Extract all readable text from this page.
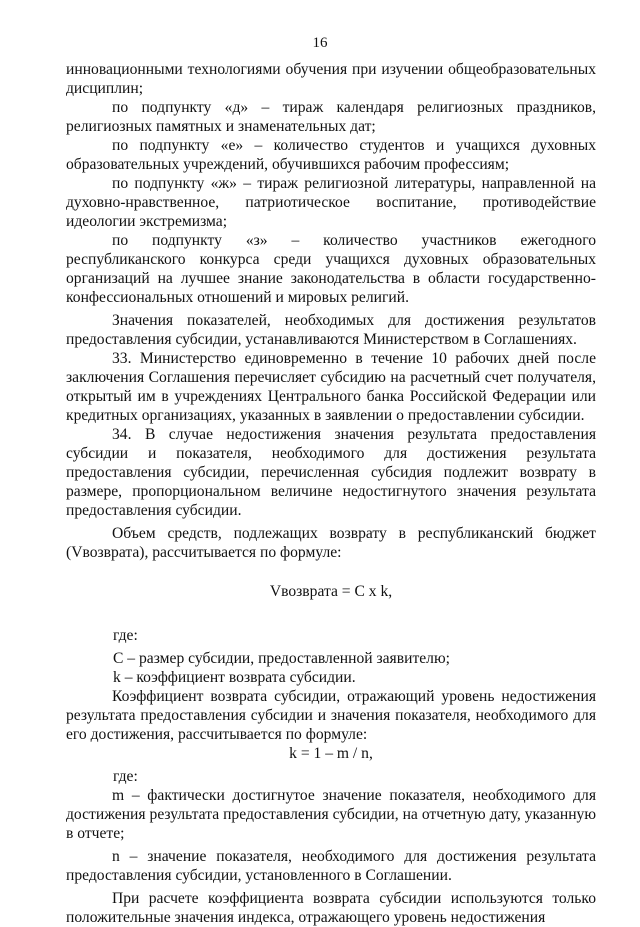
16

инновационными технологиями обучения при изучении общеобразовательных дисциплин;

по подпункту «д» – тираж календаря религиозных праздников, религиозных памятных и знаменательных дат;

по подпункту «е» – количество студентов и учащихся духовных образовательных учреждений, обучившихся рабочим профессиям;

по подпункту «ж» – тираж религиозной литературы, направленной на духовно-нравственное, патриотическое воспитание, противодействие идеологии экстремизма;

по подпункту «з» – количество участников ежегодного республиканского конкурса среди учащихся духовных образовательных организаций на лучшее знание законодательства в области государственно-конфессиональных отношений и мировых религий.

Значения показателей, необходимых для достижения результатов предоставления субсидии, устанавливаются Министерством в Соглашениях.

33. Министерство единовременно в течение 10 рабочих дней после заключения Соглашения перечисляет субсидию на расчетный счет получателя, открытый им в учреждениях Центрального банка Российской Федерации или кредитных организациях, указанных в заявлении о предоставлении субсидии.

34. В случае недостижения значения результата предоставления субсидии и показателя, необходимого для достижения результата предоставления субсидии, перечисленная субсидия подлежит возврату в размере, пропорциональном величине недостигнутого значения результата предоставления субсидии.

Объем средств, подлежащих возврату в республиканский бюджет (Vвозврата), рассчитывается по формуле:

Vвозврата = С x k,

где:

С – размер субсидии, предоставленной заявителю;

k – коэффициент возврата субсидии.

Коэффициент возврата субсидии, отражающий уровень недостижения результата предоставления субсидии и значения показателя, необходимого для его достижения, рассчитывается по формуле:

k = 1 – m / n,

где:

m – фактически достигнутое значение показателя, необходимого для достижения результата предоставления субсидии, на отчетную дату, указанную в отчете;

n – значение показателя, необходимого для достижения результата предоставления субсидии, установленного в Соглашении.

При расчете коэффициента возврата субсидии используются только положительные значения индекса, отражающего уровень недостижения
